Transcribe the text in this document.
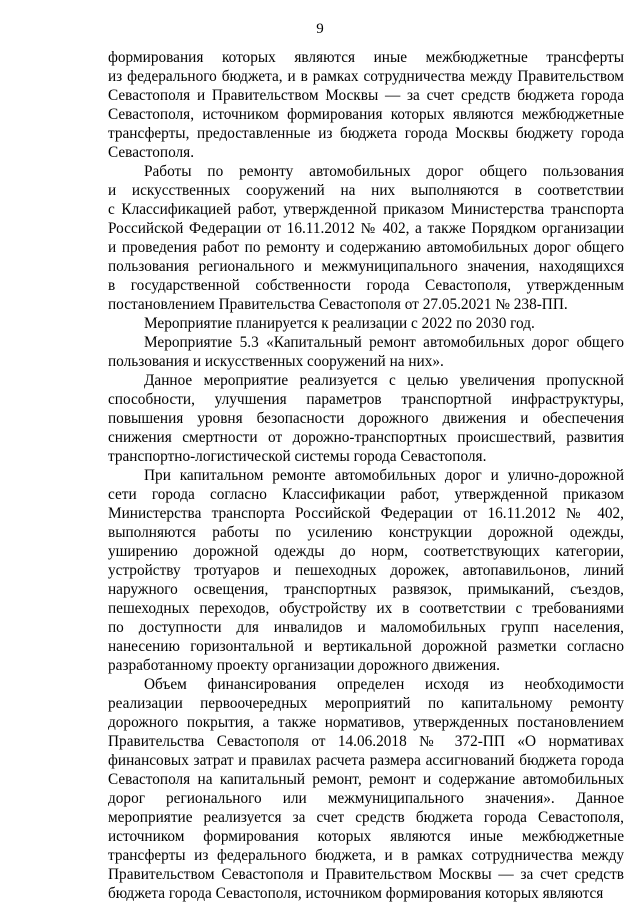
9
формирования которых являются иные межбюджетные трансферты
из федерального бюджета, и в рамках сотрудничества между Правительством
Севастополя и Правительством Москвы — за счет средств бюджета города
Севастополя, источником формирования которых являются межбюджетные
трансферты, предоставленные из бюджета города Москвы бюджету города
Севастополя.
Работы по ремонту автомобильных дорог общего пользования
и искусственных сооружений на них выполняются в соответствии
с Классификацией работ, утвержденной приказом Министерства транспорта
Российской Федерации от 16.11.2012 № 402, а также Порядком организации
и проведения работ по ремонту и содержанию автомобильных дорог общего
пользования регионального и межмуниципального значения, находящихся
в государственной собственности города Севастополя, утвержденным
постановлением Правительства Севастополя от 27.05.2021 № 238-ПП.
Мероприятие планируется к реализации с 2022 по 2030 год.
Мероприятие 5.3 «Капитальный ремонт автомобильных дорог общего
пользования и искусственных сооружений на них».
Данное мероприятие реализуется с целью увеличения пропускной
способности, улучшения параметров транспортной инфраструктуры,
повышения уровня безопасности дорожного движения и обеспечения
снижения смертности от дорожно-транспортных происшествий, развития
транспортно-логистической системы города Севастополя.
При капитальном ремонте автомобильных дорог и улично-дорожной
сети города согласно Классификации работ, утвержденной приказом
Министерства транспорта Российской Федерации от 16.11.2012 № 402,
выполняются работы по усилению конструкции дорожной одежды,
уширению дорожной одежды до норм, соответствующих категории,
устройству тротуаров и пешеходных дорожек, автопавильонов, линий
наружного освещения, транспортных развязок, примыканий, съездов,
пешеходных переходов, обустройству их в соответствии с требованиями
по доступности для инвалидов и маломобильных групп населения,
нанесению горизонтальной и вертикальной дорожной разметки согласно
разработанному проекту организации дорожного движения.
Объем финансирования определен исходя из необходимости
реализации первоочередных мероприятий по капитальному ремонту
дорожного покрытия, а также нормативов, утвержденных постановлением
Правительства Севастополя от 14.06.2018 № 372-ПП «О нормативах
финансовых затрат и правилах расчета размера ассигнований бюджета города
Севастополя на капитальный ремонт, ремонт и содержание автомобильных
дорог регионального или межмуниципального значения». Данное
мероприятие реализуется за счет средств бюджета города Севастополя,
источником формирования которых являются иные межбюджетные
трансферты из федерального бюджета, и в рамках сотрудничества между
Правительством Севастополя и Правительством Москвы — за счет средств
бюджета города Севастополя, источником формирования которых являются
